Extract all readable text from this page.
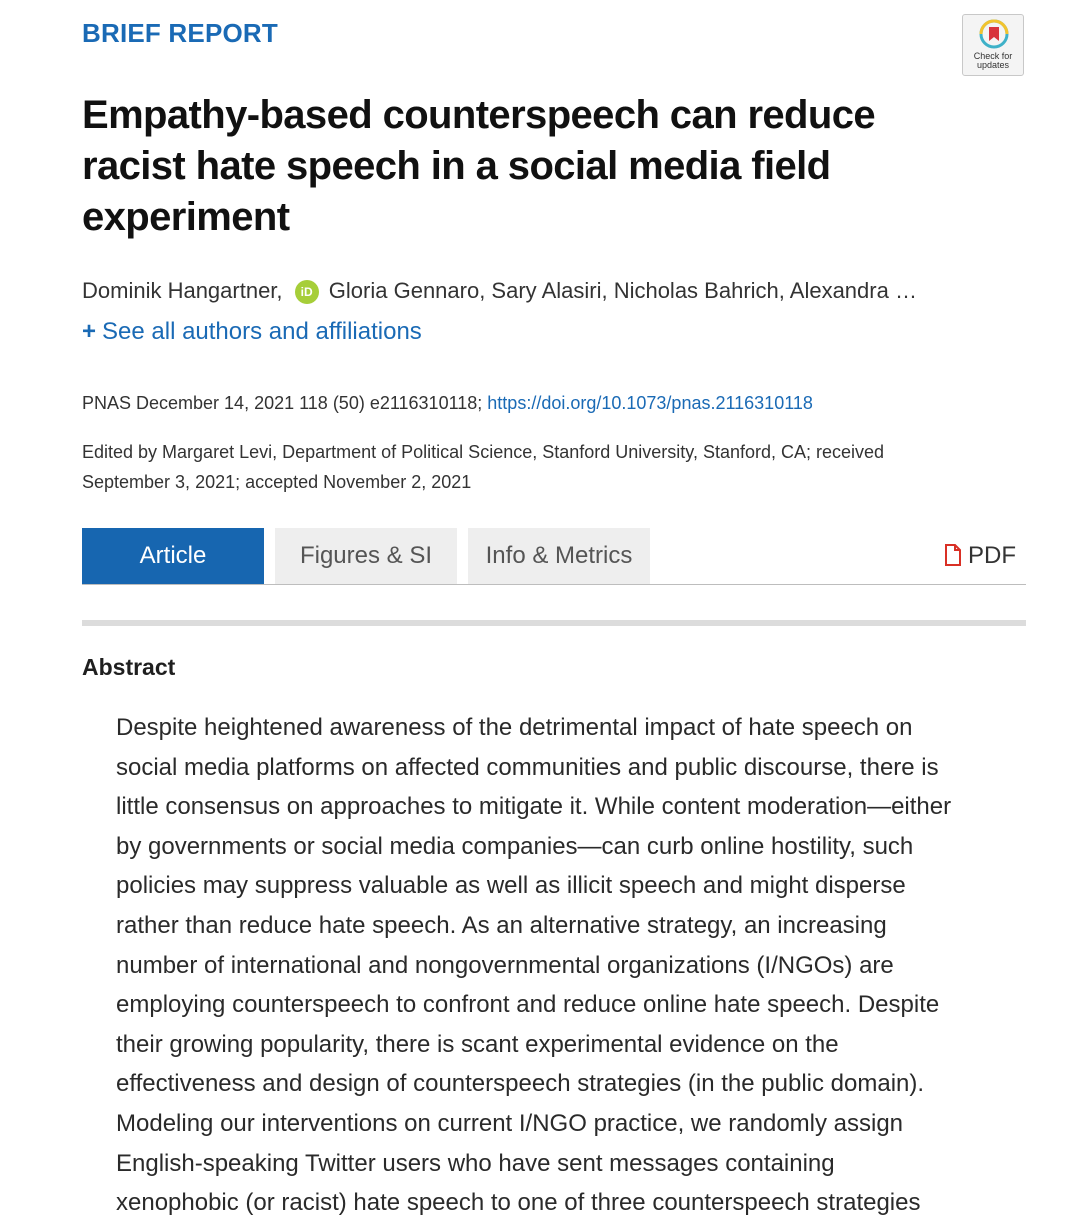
BRIEF REPORT
Check for
updates
Empathy-based counterspeech can reduce
racist hate speech in a social media field
experiment
Dominik Hangartner, iD Gloria Gennaro, Sary Alasiri, Nicholas Bahrich, Alexandra …
+ See all authors and affiliations
PNAS December 14, 2021 118 (50) e2116310118; https://doi.org/10.1073/pnas.2116310118
Edited by Margaret Levi, Department of Political Science, Stanford University, Stanford, CA; received
September 3, 2021; accepted November 2, 2021
Article	Figures & SI	Info & Metrics	PDF
Abstract
Despite heightened awareness of the detrimental impact of hate speech on
social media platforms on affected communities and public discourse, there is
little consensus on approaches to mitigate it. While content moderation—either
by governments or social media companies—can curb online hostility, such
policies may suppress valuable as well as illicit speech and might disperse
rather than reduce hate speech. As an alternative strategy, an increasing
number of international and nongovernmental organizations (I/NGOs) are
employing counterspeech to confront and reduce online hate speech. Despite
their growing popularity, there is scant experimental evidence on the
effectiveness and design of counterspeech strategies (in the public domain).
Modeling our interventions on current I/NGO practice, we randomly assign
English-speaking Twitter users who have sent messages containing
xenophobic (or racist) hate speech to one of three counterspeech strategies
